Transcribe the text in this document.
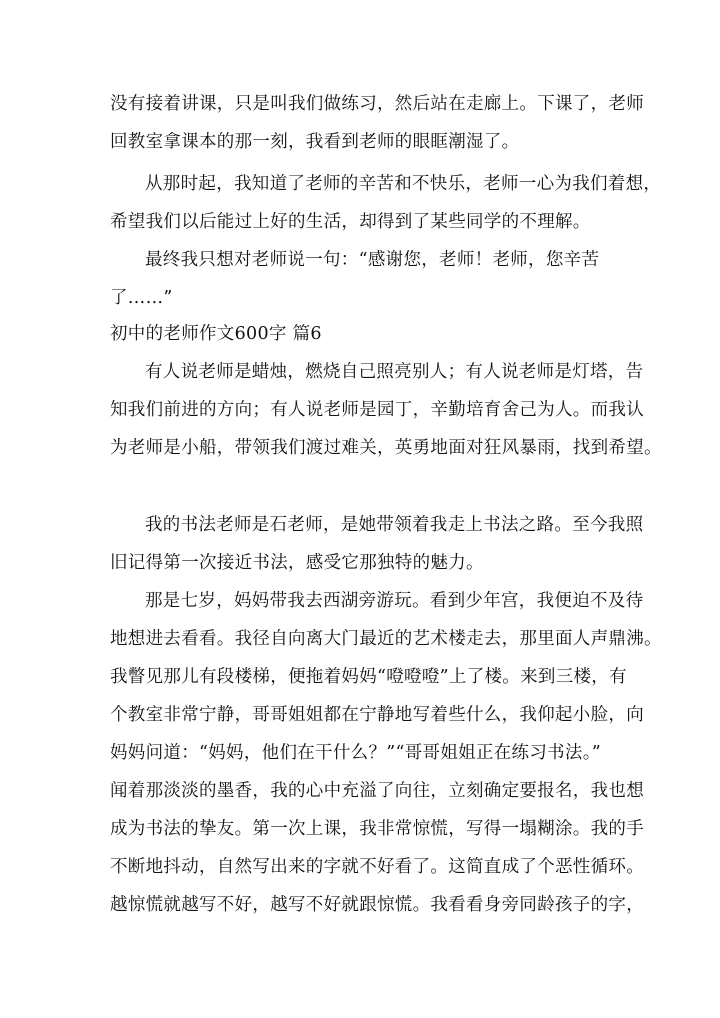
没有接着讲课，只是叫我们做练习，然后站在走廊上。下课了，老师
回教室拿课本的那一刻，我看到老师的眼眶潮湿了。
从那时起，我知道了老师的辛苦和不快乐，老师一心为我们着想，
希望我们以后能过上好的生活，却得到了某些同学的不理解。
最终我只想对老师说一句：“感谢您，老师！老师，您辛苦
了……”
初中的老师作文600字 篇6
有人说老师是蜡烛，燃烧自己照亮别人；有人说老师是灯塔，告
知我们前进的方向；有人说老师是园丁，辛勤培育舍己为人。而我认
为老师是小船，带领我们渡过难关，英勇地面对狂风暴雨，找到希望。
我的书法老师是石老师，是她带领着我走上书法之路。至今我照
旧记得第一次接近书法，感受它那独特的魅力。
那是七岁，妈妈带我去西湖旁游玩。看到少年宫，我便迫不及待
地想进去看看。我径自向离大门最近的艺术楼走去，那里面人声鼎沸。
我瞥见那儿有段楼梯，便拖着妈妈“噔噔噔”上了楼。来到三楼，有
个教室非常宁静，哥哥姐姐都在宁静地写着些什么，我仰起小脸，向
妈妈问道：“妈妈，他们在干什么？”“哥哥姐姐正在练习书法。”
闻着那淡淡的墨香，我的心中充溢了向往，立刻确定要报名，我也想
成为书法的挚友。第一次上课，我非常惊慌，写得一塌糊涂。我的手
不断地抖动，自然写出来的字就不好看了。这简直成了个恶性循环。
越惊慌就越写不好，越写不好就跟惊慌。我看看身旁同龄孩子的字，
